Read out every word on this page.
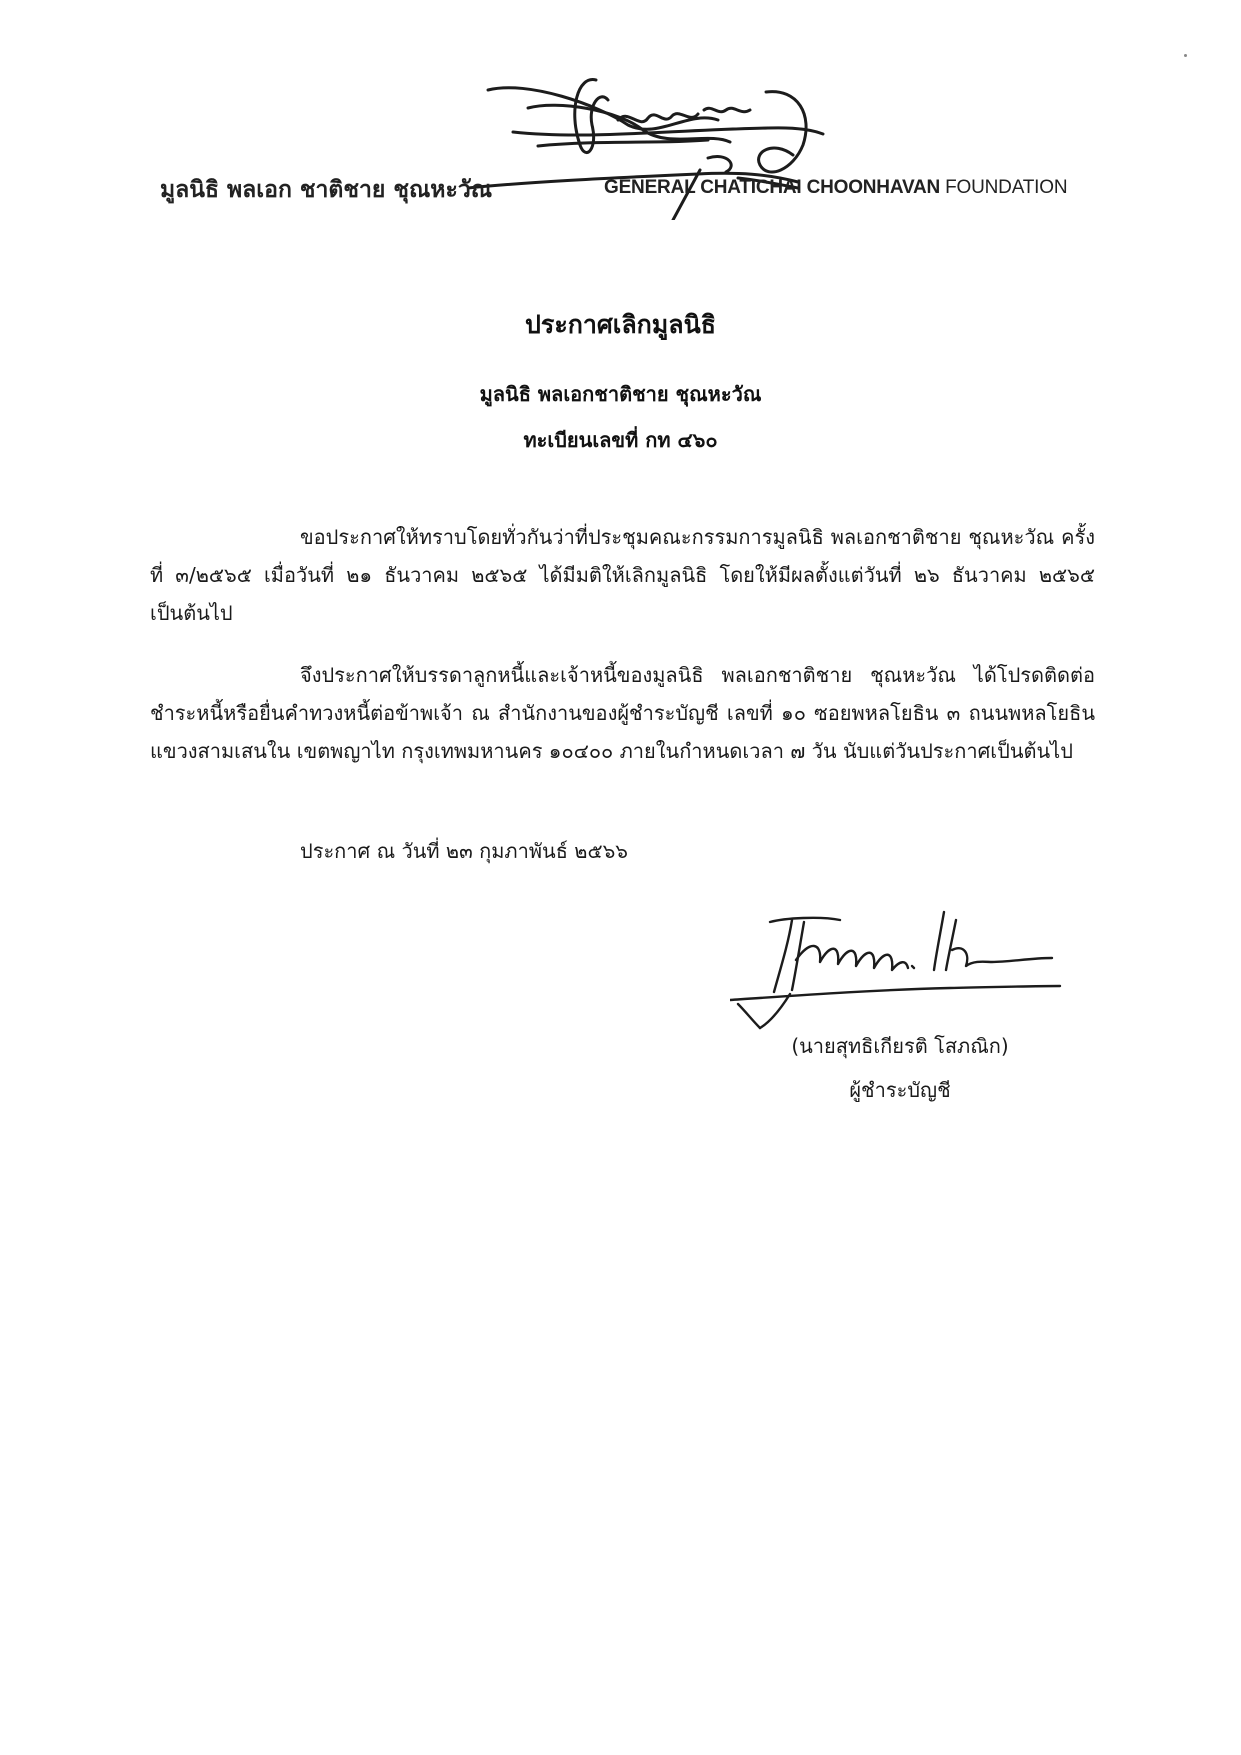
มูลนิธิ พลเอก ชาติชาย ชุณหะวัณ	GENERAL CHATICHAI CHOONHAVAN FOUNDATION
ประกาศเลิกมูลนิธิ
มูลนิธิ พลเอกชาติชาย ชุณหะวัณ
ทะเบียนเลขที่ กท ๔๖๐
ขอประกาศให้ทราบโดยทั่วกันว่าที่ประชุมคณะกรรมการมูลนิธิ พลเอกชาติชาย ชุณหะวัณ ครั้งที่ ๓/๒๕๖๕ เมื่อวันที่ ๒๑ ธันวาคม ๒๕๖๕ ได้มีมติให้เลิกมูลนิธิ โดยให้มีผลตั้งแต่วันที่ ๒๖ ธันวาคม ๒๕๖๕ เป็นต้นไป
จึงประกาศให้บรรดาลูกหนี้และเจ้าหนี้ของมูลนิธิ พลเอกชาติชาย ชุณหะวัณ ได้โปรดติดต่อชำระหนี้หรือยื่นคำทวงหนี้ต่อข้าพเจ้า ณ สำนักงานของผู้ชำระบัญชี เลขที่ ๑๐ ซอยพหลโยธิน ๓ ถนนพหลโยธิน แขวงสามเสนใน เขตพญาไท กรุงเทพมหานคร ๑๐๔๐๐ ภายในกำหนดเวลา ๗ วัน นับแต่วันประกาศเป็นต้นไป
ประกาศ ณ วันที่ ๒๓ กุมภาพันธ์ ๒๕๖๖
(นายสุทธิเกียรติ โสภณิก)
ผู้ชำระบัญชี
